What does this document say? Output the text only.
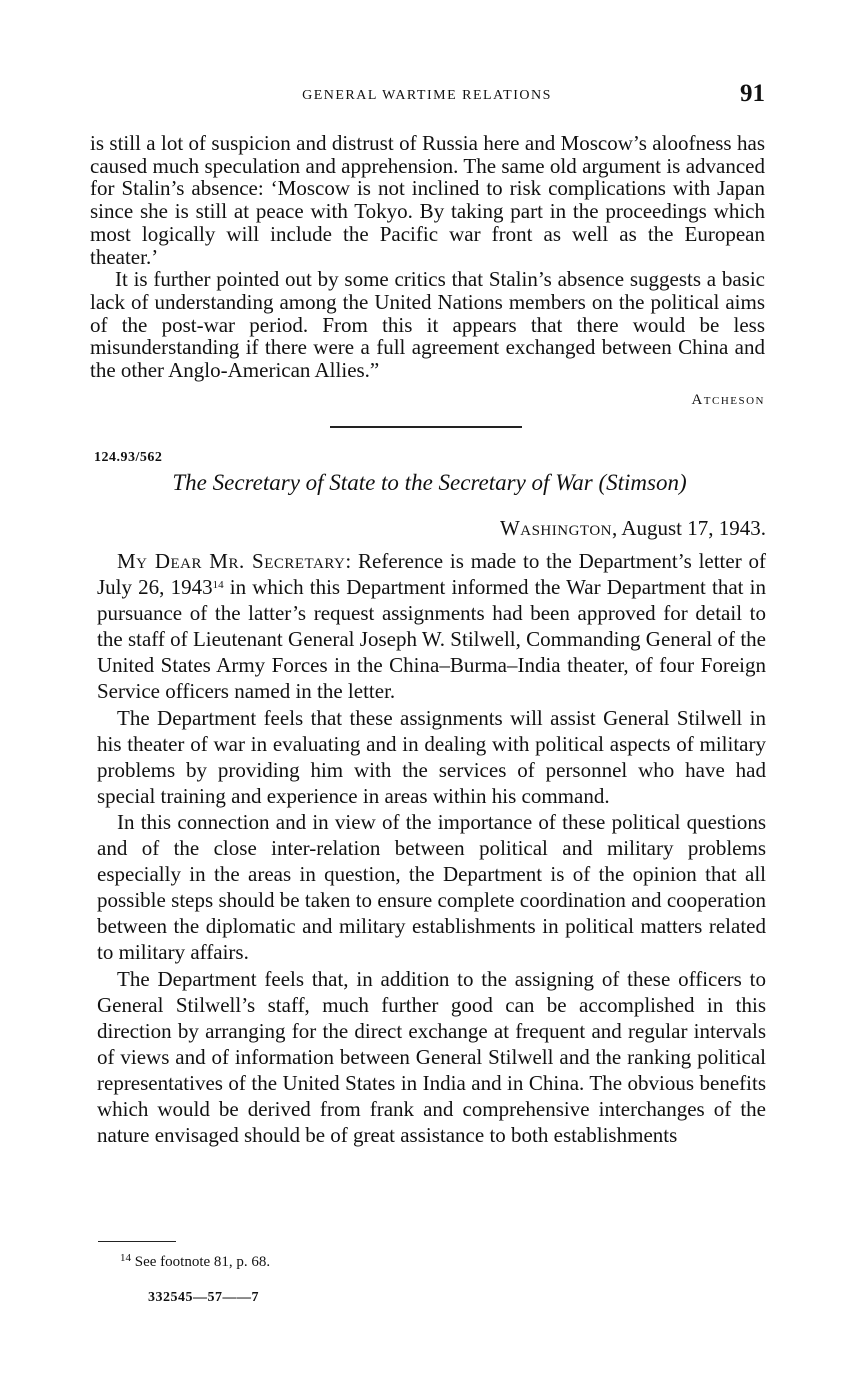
GENERAL WARTIME RELATIONS	91

is still a lot of suspicion and distrust of Russia here and Moscow’s aloofness has caused much speculation and apprehension. The same old argument is advanced for Stalin’s absence: ‘Moscow is not inclined to risk complications with Japan since she is still at peace with Tokyo. By taking part in the proceedings which most logically will include the Pacific war front as well as the European theater.’

It is further pointed out by some critics that Stalin’s absence suggests a basic lack of understanding among the United Nations members on the political aims of the post-war period. From this it appears that there would be less misunderstanding if there were a full agreement exchanged between China and the other Anglo-American Allies.”

Atcheson
124.93/562
The Secretary of State to the Secretary of War (Stimson)
Washington, August 17, 1943.

My Dear Mr. Secretary: Reference is made to the Department’s letter of July 26, 1943$^{14}$ in which this Department informed the War Department that in pursuance of the latter’s request assignments had been approved for detail to the staff of Lieutenant General Joseph W. Stilwell, Commanding General of the United States Army Forces in the China–Burma–India theater, of four Foreign Service officers named in the letter.

The Department feels that these assignments will assist General Stilwell in his theater of war in evaluating and in dealing with political aspects of military problems by providing him with the services of personnel who have had special training and experience in areas within his command.

In this connection and in view of the importance of these political questions and of the close inter-relation between political and military problems especially in the areas in question, the Department is of the opinion that all possible steps should be taken to ensure complete coordination and cooperation between the diplomatic and military establishments in political matters related to military affairs.

The Department feels that, in addition to the assigning of these officers to General Stilwell’s staff, much further good can be accomplished in this direction by arranging for the direct exchange at frequent and regular intervals of views and of information between General Stilwell and the ranking political representatives of the United States in India and in China. The obvious benefits which would be derived from frank and comprehensive interchanges of the nature envisaged should be of great assistance to both establishments

$^{14}$ See footnote 81, p. 68.
332545—57——7
